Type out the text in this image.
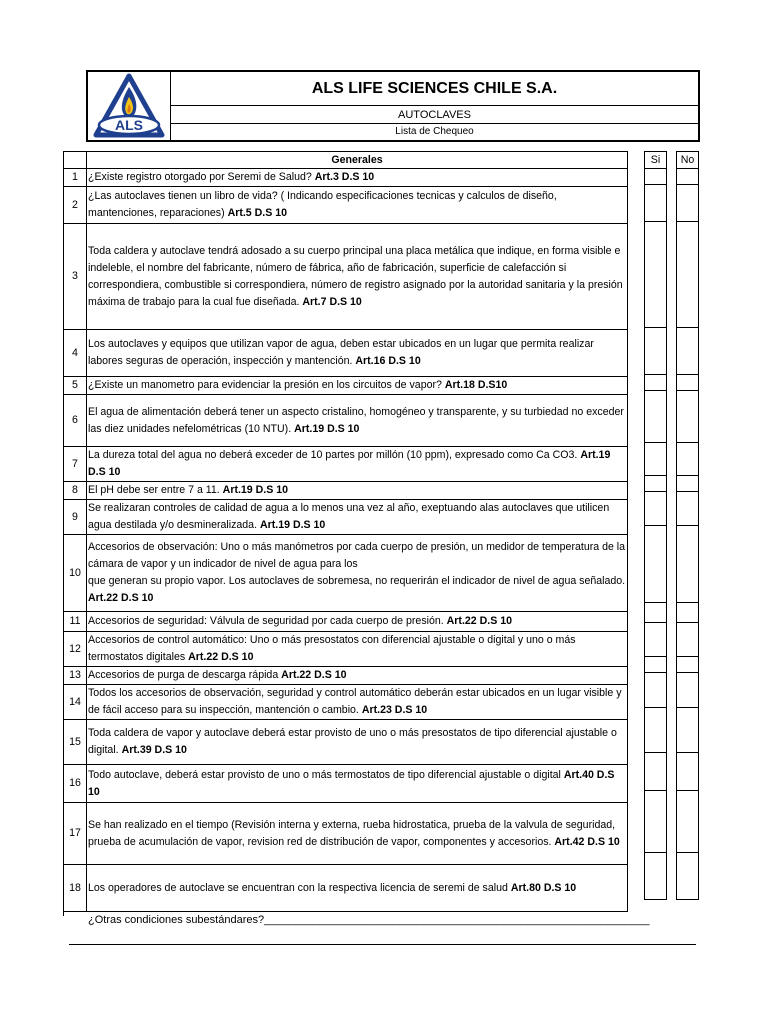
ALS
ALS LIFE SCIENCES CHILE S.A.
AUTOCLAVES
Lista de Chequeo
	Generales
1	¿Existe registro otorgado por Seremi de Salud? Art.3 D.S 10
2	¿Las autoclaves tienen un libro de vida? ( Indicando especificaciones tecnicas y calculos de diseño, mantenciones, reparaciones) Art.5 D.S 10
3	Toda caldera y autoclave tendrá adosado a su cuerpo principal una placa metálica que indique, en forma visible e indeleble, el nombre del fabricante, número de fábrica, año de fabricación, superficie de calefacción si correspondiera, combustible si correspondiera, número de registro asignado por la autoridad sanitaria y la presión máxima de trabajo para la cual fue diseñada. Art.7 D.S 10
4	Los autoclaves y equipos que utilizan vapor de agua, deben estar ubicados en un lugar que permita realizar labores seguras de operación, inspección y mantención. Art.16 D.S 10
5	¿Existe un manometro para evidenciar la presión en los circuitos de vapor? Art.18 D.S10
6	El agua de alimentación deberá tener un aspecto cristalino, homogéneo y transparente, y su turbiedad no exceder las diez unidades nefelométricas (10 NTU). Art.19 D.S 10
7	La dureza total del agua no deberá exceder de 10 partes por millón (10 ppm), expresado como Ca CO3. Art.19 D.S 10
8	El pH debe ser entre 7 a 11. Art.19 D.S 10
9	Se realizaran controles de calidad de agua a lo menos una vez al año, exeptuando alas autoclaves que utilicen agua destilada y/o desmineralizada. Art.19 D.S 10
10	Accesorios de observación: Uno o más manómetros por cada cuerpo de presión, un medidor de temperatura de la cámara de vapor y un indicador de nivel de agua para los
que generan su propio vapor. Los autoclaves de sobremesa, no requerirán el indicador de nivel de agua señalado. Art.22 D.S 10
11	Accesorios de seguridad: Válvula de seguridad por cada cuerpo de presión. Art.22 D.S 10
12	Accesorios de control automático: Uno o más presostatos con diferencial ajustable o digital y uno o más termostatos digitales Art.22 D.S 10
13	Accesorios de purga de descarga rápida Art.22 D.S 10
14	Todos los accesorios de observación, seguridad y control automático deberán estar ubicados en un lugar visible y de fácil acceso para su inspección, mantención o cambio. Art.23 D.S 10
15	Toda caldera de vapor y autoclave deberá estar provisto de uno o más presostatos de tipo diferencial ajustable o digital. Art.39 D.S 10
16	Todo autoclave, deberá estar provisto de uno o más termostatos de tipo diferencial ajustable o digital Art.40 D.S 10
17	Se han realizado en el tiempo (Revisión interna y externa, rueba hidrostatica, prueba de la valvula de seguridad, prueba de acumulación de vapor, revision red de distribución de vapor, componentes y accesorios. Art.42 D.S 10
18	Los operadores de autoclave se encuentran con la respectiva licencia de seremi de salud Art.80 D.S 10
Si No

¿Otras condiciones subestándares?_______________________________________________________________
